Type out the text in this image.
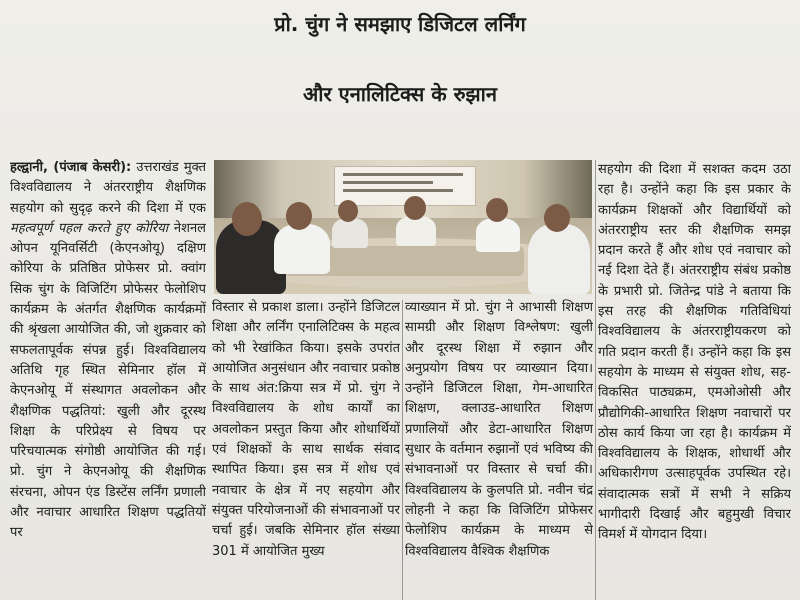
प्रो. चुंग ने समझाए डिजिटल लर्निंग
और एनालिटिक्स के रुझान

हल्द्वानी, (पंजाब केसरी): उत्तराखंड मुक्त विश्वविद्यालय ने अंतरराष्ट्रीय शैक्षणिक सहयोग को सुदृढ़ करने की दिशा में एक महत्वपूर्ण पहल करते हुए कोरिया नेशनल ओपन यूनिवर्सिटी (केएनओयू) दक्षिण कोरिया के प्रतिष्ठित प्रोफेसर प्रो. क्वांग सिक चुंग के विजिटिंग प्रोफेसर फेलोशिप कार्यक्रम के अंतर्गत शैक्षणिक कार्यक्रमों की श्रृंखला आयोजित की, जो शुक्रवार को सफलतापूर्वक संपन्न हुई। विश्वविद्यालय अतिथि गृह स्थित सेमिनार हॉल में केएनओयू में संस्थागत अवलोकन और शैक्षणिक पद्धतियां: खुली और दूरस्थ शिक्षा के परिप्रेक्ष्य से विषय पर परिचयात्मक संगोष्ठी आयोजित की गई। प्रो. चुंग ने केएनओयू की शैक्षणिक संरचना, ओपन एंड डिस्टेंस लर्निंग प्रणाली और नवाचार आधारित शिक्षण पद्धतियों पर

विस्तार से प्रकाश डाला। उन्होंने डिजिटल शिक्षा और लर्निंग एनालिटिक्स के महत्व को भी रेखांकित किया। इसके उपरांत आयोजित अनुसंधान और नवाचार प्रकोष्ठ के साथ अंत:क्रिया सत्र में प्रो. चुंग ने विश्वविद्यालय के शोध कार्यों का अवलोकन प्रस्तुत किया और शोधार्थियों एवं शिक्षकों के साथ सार्थक संवाद स्थापित किया। इस सत्र में शोध एवं नवाचार के क्षेत्र में नए सहयोग और संयुक्त परियोजनाओं की संभावनाओं पर चर्चा हुई। जबकि सेमिनार हॉल संख्या 301 में आयोजित मुख्य

व्याख्यान में प्रो. चुंग ने आभासी शिक्षण सामग्री और शिक्षण विश्लेषण: खुली और दूरस्थ शिक्षा में रुझान और अनुप्रयोग विषय पर व्याख्यान दिया। उन्होंने डिजिटल शिक्षा, गेम-आधारित शिक्षण, क्लाउड-आधारित शिक्षण प्रणालियों और डेटा-आधारित शिक्षण सुधार के वर्तमान रुझानों एवं भविष्य की संभावनाओं पर विस्तार से चर्चा की। विश्वविद्यालय के कुलपति प्रो. नवीन चंद्र लोहनी ने कहा कि विजिटिंग प्रोफेसर फेलोशिप कार्यक्रम के माध्यम से विश्वविद्यालय वैश्विक शैक्षणिक

सहयोग की दिशा में सशक्त कदम उठा रहा है। उन्होंने कहा कि इस प्रकार के कार्यक्रम शिक्षकों और विद्यार्थियों को अंतरराष्ट्रीय स्तर की शैक्षणिक समझ प्रदान करते हैं और शोध एवं नवाचार को नई दिशा देते हैं। अंतरराष्ट्रीय संबंध प्रकोष्ठ के प्रभारी प्रो. जितेन्द्र पांडे ने बताया कि इस तरह की शैक्षणिक गतिविधियां विश्वविद्यालय के अंतरराष्ट्रीयकरण को गति प्रदान करती हैं। उन्होंने कहा कि इस सहयोग के माध्यम से संयुक्त शोध, सह-विकसित पाठ्यक्रम, एमओओसी और प्रौद्योगिकी-आधारित शिक्षण नवाचारों पर ठोस कार्य किया जा रहा है। कार्यक्रम में विश्वविद्यालय के शिक्षक, शोधार्थी और अधिकारीगण उत्साहपूर्वक उपस्थित रहे। संवादात्मक सत्रों में सभी ने सक्रिय भागीदारी दिखाई और बहुमुखी विचार विमर्श में योगदान दिया।
